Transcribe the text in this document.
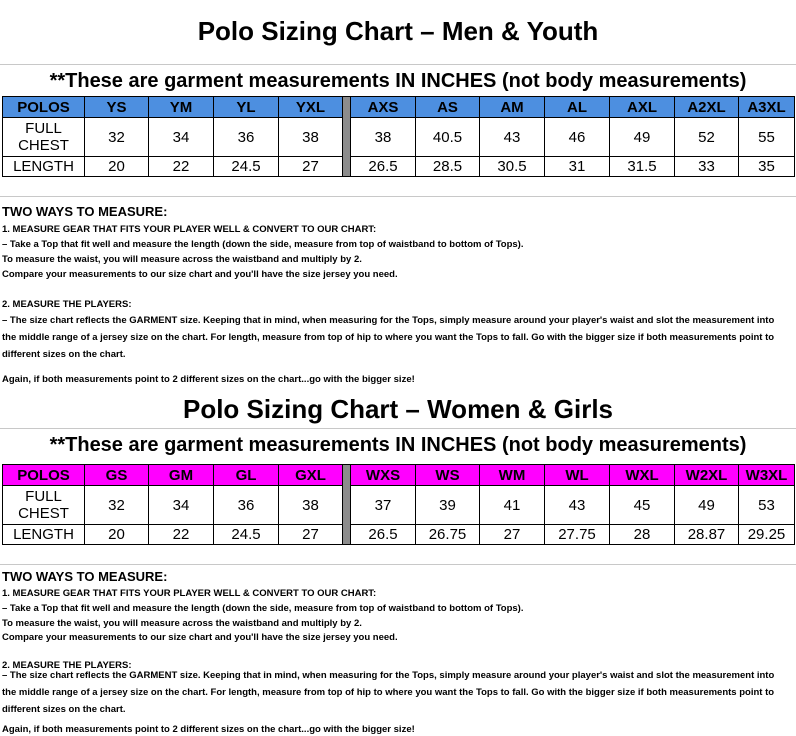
Polo Sizing Chart – Men & Youth
**These are garment measurements IN INCHES (not body measurements)
POLOS	YS	YM	YL	YXL		AXS	AS	AM	AL	AXL	A2XL	A3XL
FULL
CHEST	32	34	36	38		38	40.5	43	46	49	52	55
LENGTH	20	22	24.5	27		26.5	28.5	30.5	31	31.5	33	35
TWO WAYS TO MEASURE:
1. MEASURE GEAR THAT FITS YOUR PLAYER WELL & CONVERT TO OUR CHART:
– Take a Top that fit well and measure the length (down the side, measure from top of waistband to bottom of Tops).
To measure the waist, you will measure across the waistband and multiply by 2.
Compare your measurements to our size chart and you'll have the size jersey you need.
2. MEASURE THE PLAYERS:
– The size chart reflects the GARMENT size. Keeping that in mind, when measuring for the Tops, simply measure around your player's waist and slot the measurement into the middle range of a jersey size on the chart. For length, measure from top of hip to where you want the Tops to fall. Go with the bigger size if both measurements point to different sizes on the chart.
Again, if both measurements point to 2 different sizes on the chart...go with the bigger size!
Polo Sizing Chart – Women & Girls
**These are garment measurements IN INCHES (not body measurements)
POLOS	GS	GM	GL	GXL		WXS	WS	WM	WL	WXL	W2XL	W3XL
FULL
CHEST	32	34	36	38		37	39	41	43	45	49	53
LENGTH	20	22	24.5	27		26.5	26.75	27	27.75	28	28.87	29.25
TWO WAYS TO MEASURE:
1. MEASURE GEAR THAT FITS YOUR PLAYER WELL & CONVERT TO OUR CHART:
– Take a Top that fit well and measure the length (down the side, measure from top of waistband to bottom of Tops).
To measure the waist, you will measure across the waistband and multiply by 2.
Compare your measurements to our size chart and you'll have the size jersey you need.
2. MEASURE THE PLAYERS:
– The size chart reflects the GARMENT size. Keeping that in mind, when measuring for the Tops, simply measure around your player's waist and slot the measurement into the middle range of a jersey size on the chart. For length, measure from top of hip to where you want the Tops to fall. Go with the bigger size if both measurements point to different sizes on the chart.
Again, if both measurements point to 2 different sizes on the chart...go with the bigger size!
